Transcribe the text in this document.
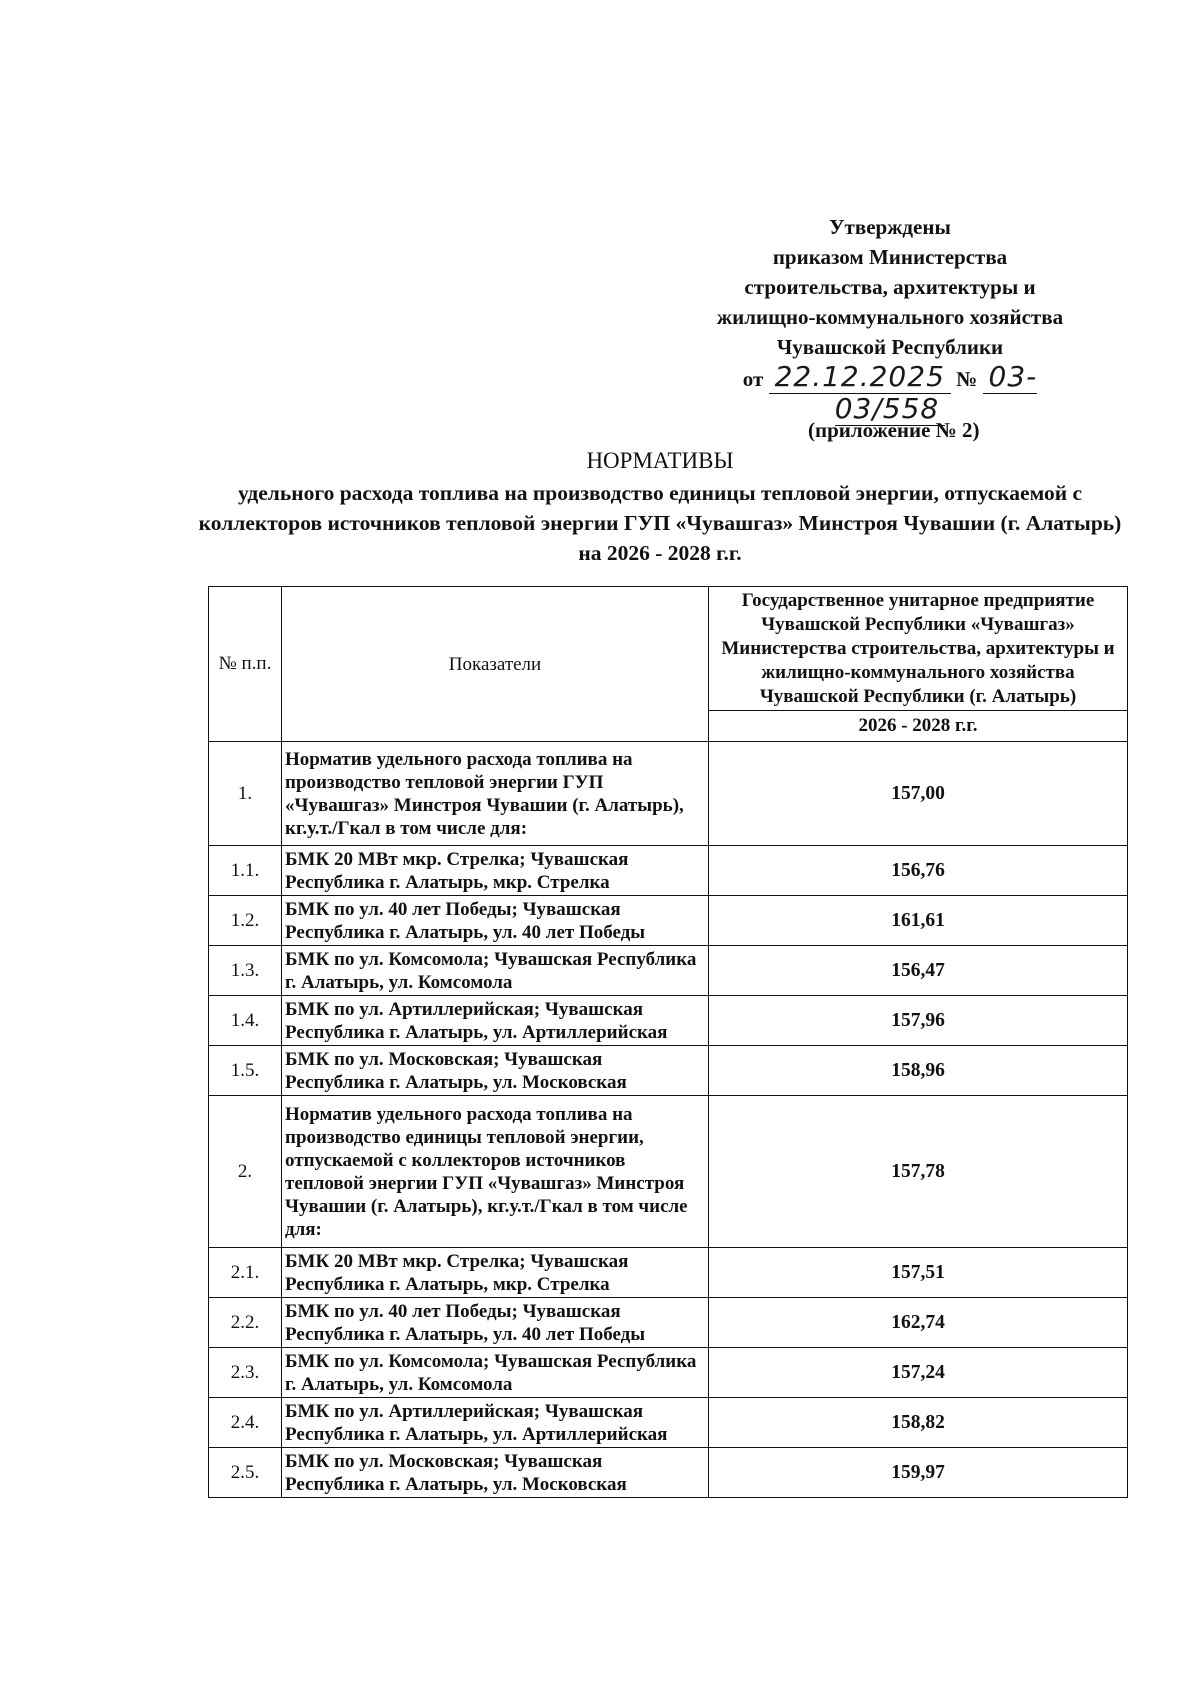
Утверждены
приказом Министерства
строительства, архитектуры и
жилищно-коммунального хозяйства
Чувашской Республики
от 22.12.2025 № 03-03/558
(приложение № 2)
НОРМАТИВЫ
удельного расхода топлива на производство единицы тепловой энергии, отпускаемой с коллекторов источников тепловой энергии ГУП «Чувашгаз» Минстроя Чувашии (г. Алатырь) на 2026 - 2028 г.г.
№ п.п.	Показатели	Государственное унитарное предприятие Чувашской Республики «Чувашгаз» Министерства строительства, архитектуры и жилищно-коммунального хозяйства Чувашской Республики (г. Алатырь)
		2026 - 2028 г.г.
1.	Норматив удельного расхода топлива на производство тепловой энергии ГУП «Чувашгаз» Минстроя Чувашии (г. Алатырь), кг.у.т./Гкал в том числе для:	157,00
1.1.	БМК 20 МВт мкр. Стрелка; Чувашская Республика г. Алатырь, мкр. Стрелка	156,76
1.2.	БМК по ул. 40 лет Победы; Чувашская Республика г. Алатырь, ул. 40 лет Победы	161,61
1.3.	БМК по ул. Комсомола; Чувашская Республика г. Алатырь, ул. Комсомола	156,47
1.4.	БМК по ул. Артиллерийская; Чувашская Республика г. Алатырь, ул. Артиллерийская	157,96
1.5.	БМК по ул. Московская; Чувашская Республика г. Алатырь, ул. Московская	158,96
2.	Норматив удельного расхода топлива на производство единицы тепловой энергии, отпускаемой с коллекторов источников тепловой энергии ГУП «Чувашгаз» Минстроя Чувашии (г. Алатырь), кг.у.т./Гкал в том числе для:	157,78
2.1.	БМК 20 МВт мкр. Стрелка; Чувашская Республика г. Алатырь, мкр. Стрелка	157,51
2.2.	БМК по ул. 40 лет Победы; Чувашская Республика г. Алатырь, ул. 40 лет Победы	162,74
2.3.	БМК по ул. Комсомола; Чувашская Республика г. Алатырь, ул. Комсомола	157,24
2.4.	БМК по ул. Артиллерийская; Чувашская Республика г. Алатырь, ул. Артиллерийская	158,82
2.5.	БМК по ул. Московская; Чувашская Республика г. Алатырь, ул. Московская	159,97
